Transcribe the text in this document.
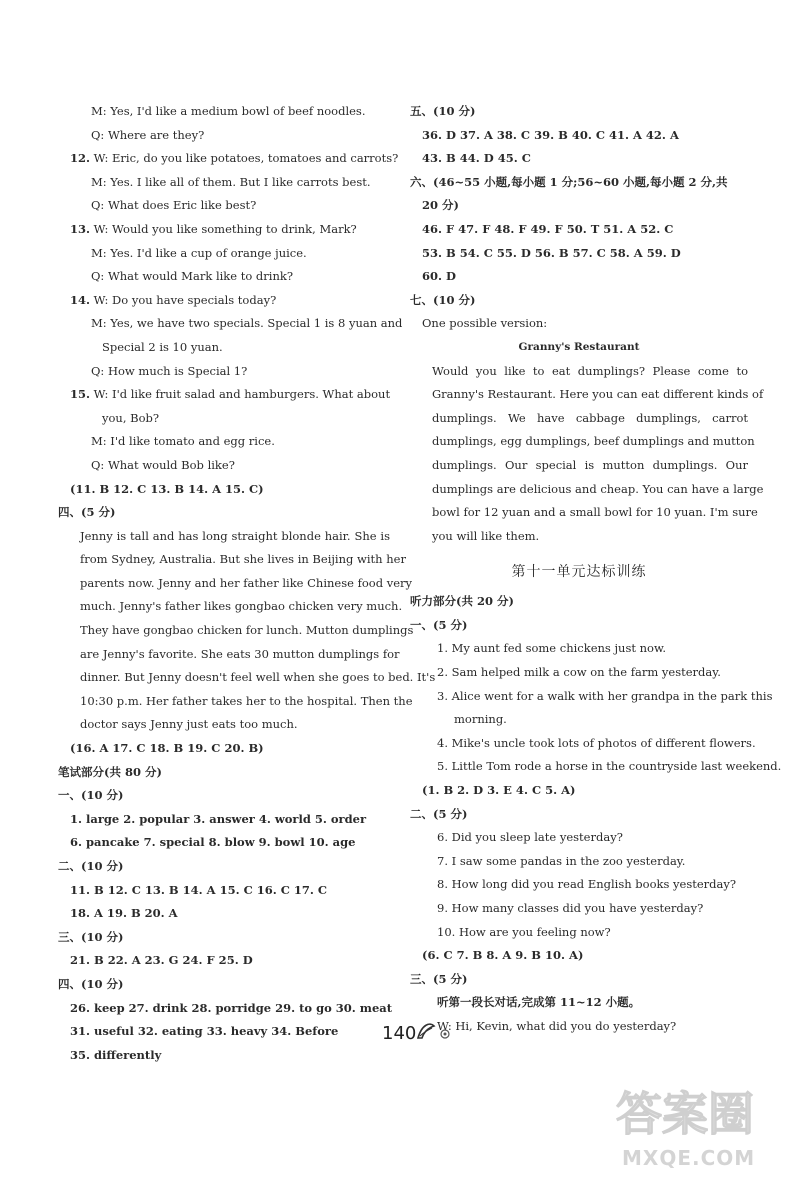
M: Yes, I'd like a medium bowl of beef noodles.
Q: Where are they?
12. W: Eric, do you like potatoes, tomatoes and carrots?
M: Yes. I like all of them. But I like carrots best.
Q: What does Eric like best?
13. W: Would you like something to drink, Mark?
M: Yes. I'd like a cup of orange juice.
Q: What would Mark like to drink?
14. W: Do you have specials today?
M: Yes, we have two specials. Special 1 is 8 yuan and
Special 2 is 10 yuan.
Q: How much is Special 1?
15. W: I'd like fruit salad and hamburgers. What about
you, Bob?
M: I'd like tomato and egg rice.
Q: What would Bob like?
(11. B 12. C 13. B 14. A 15. C)
四、(5 分)
Jenny is tall and has long straight blonde hair. She is
from Sydney, Australia. But she lives in Beijing with her
parents now. Jenny and her father like Chinese food very
much. Jenny's father likes gongbao chicken very much.
They have gongbao chicken for lunch. Mutton dumplings
are Jenny's favorite. She eats 30 mutton dumplings for
dinner. But Jenny doesn't feel well when she goes to bed. It's
10:30 p.m. Her father takes her to the hospital. Then the
doctor says Jenny just eats too much.
(16. A 17. C 18. B 19. C 20. B)
笔试部分(共 80 分)
一、(10 分)
1. large 2. popular 3. answer 4. world 5. order
6. pancake 7. special 8. blow 9. bowl 10. age
二、(10 分)
11. B 12. C 13. B 14. A 15. C 16. C 17. C
18. A 19. B 20. A
三、(10 分)
21. B 22. A 23. G 24. F 25. D
四、(10 分)
26. keep 27. drink 28. porridge 29. to go 30. meat
31. useful 32. eating 33. heavy 34. Before
35. differently
五、(10 分)
36. D 37. A 38. C 39. B 40. C 41. A 42. A
43. B 44. D 45. C
六、(46~55 小题,每小题 1 分;56~60 小题,每小题 2 分,共
20 分)
46. F 47. F 48. F 49. F 50. T 51. A 52. C
53. B 54. C 55. D 56. B 57. C 58. A 59. D
60. D
七、(10 分)
One possible version:
Granny's Restaurant
Would you like to eat dumplings? Please come to
Granny's Restaurant. Here you can eat different kinds of
dumplings. We have cabbage dumplings, carrot
dumplings, egg dumplings, beef dumplings and mutton
dumplings. Our special is mutton dumplings. Our
dumplings are delicious and cheap. You can have a large
bowl for 12 yuan and a small bowl for 10 yuan. I'm sure
you will like them.
第十一单元达标训练
听力部分(共 20 分)
一、(5 分)
1. My aunt fed some chickens just now.
2. Sam helped milk a cow on the farm yesterday.
3. Alice went for a walk with her grandpa in the park this
morning.
4. Mike's uncle took lots of photos of different flowers.
5. Little Tom rode a horse in the countryside last weekend.
(1. B 2. D 3. E 4. C 5. A)
二、(5 分)
6. Did you sleep late yesterday?
7. I saw some pandas in the zoo yesterday.
8. How long did you read English books yesterday?
9. How many classes did you have yesterday?
10. How are you feeling now?
(6. C 7. B 8. A 9. B 10. A)
三、(5 分)
听第一段长对话,完成第 11~12 小题。
W: Hi, Kevin, what did you do yesterday?
140
答案圈
MXQE.COM
